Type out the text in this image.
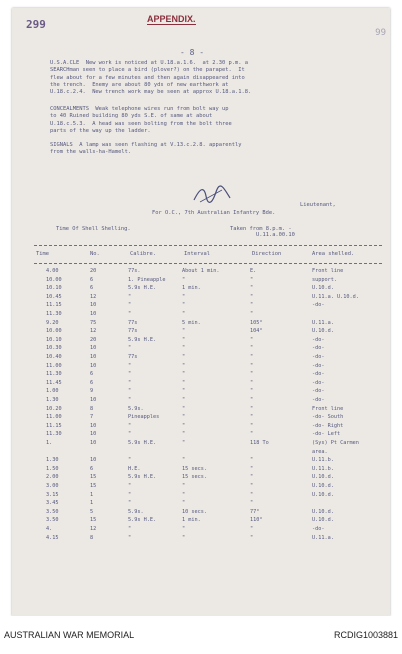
299	APPENDIX.
99
- 8 -
U.S.A.CLE  New work is noticed at U.18.a.1.6.  at 2.30 p.m. a
SEARCHman seen to place a bird (plover?) on the parapet.  It
flew about for a few minutes and then again disappeared into
the trench.  Enemy are about 80 yds of new earthwork at
U.18.c.2.4.  New trench work may be seen at approx U.18.a.1.8.
CONCEALMENTS  Weak telephone wires run from bolt way up
to 40 Ruined building 80 yds S.E. of same at about
U.18.c.5.3.  A head was seen bolting from the bolt three
parts of the way up the ladder.
SIGNALS  A lamp was seen flashing at V.13.c.2.8. apparently
from the walls-ha-Hamelt.
Lieutenant,
For O.C., 7th Australian Infantry Bde.
Time Of Shell Shelling.	Taken from 8.p.m. -
U.11.a.00.10
Time	No.	Calibre.	Interval	Direction	Area shelled.
4.00	20	77s.	About 1 min.	E.	Front line
10.00	6	1. Pineapple	"	"	support.
10.10	6	5.9s H.E.	1 min.	"	U.10.d.
10.45	12	"	"	"	U.11.a. U.10.d.
11.15	10	"	"	"	-do-
11.30	10	"	"	"
9.20	75	77s	5 min.	105°	U.11.a.
10.00	12	77s	"	104°	U.10.d.
10.10	20	5.9s H.E.	"	"	-do-
10.30	10	"	"	"	-do-
10.40	10	77s	"	"	-do-
11.00	10	"	"	"	-do-
11.30	6	"	"	"	-do-
11.45	6	"	"	"	-do-
1.00	9	"	"	"	-do-
1.30	10	"	"	"	-do-
10.20	8	5.9s.	"	"	Front line
11.00	7	Pineapples	"	"	-do- South
11.15	10	"	"	"	-do- Right
11.30	10	"	"	"	-do- Left
1.	10	5.9s H.E.	"	118 To	(Sys) Pt Carmen
area.
1.30	10	"	"	"	U.11.b.
1.50	6	H.E.	15 secs.	"	U.11.b.
2.00	15	5.9s H.E.	15 secs.	"	U.10.d.
3.00	15	"	"	"	U.10.d.
3.15	1	"	"	"	U.10.d.
3.45	1	"	"	"
3.50	5	5.9s.	10 secs.	77°	U.10.d.
3.50	15	5.9s H.E.	1 min.	110°	U.10.d.
4.	12	"	"	"	-do-
4.15	8	"	"	"	U.11.a.
AUSTRALIAN WAR MEMORIAL	RCDIG1003881
